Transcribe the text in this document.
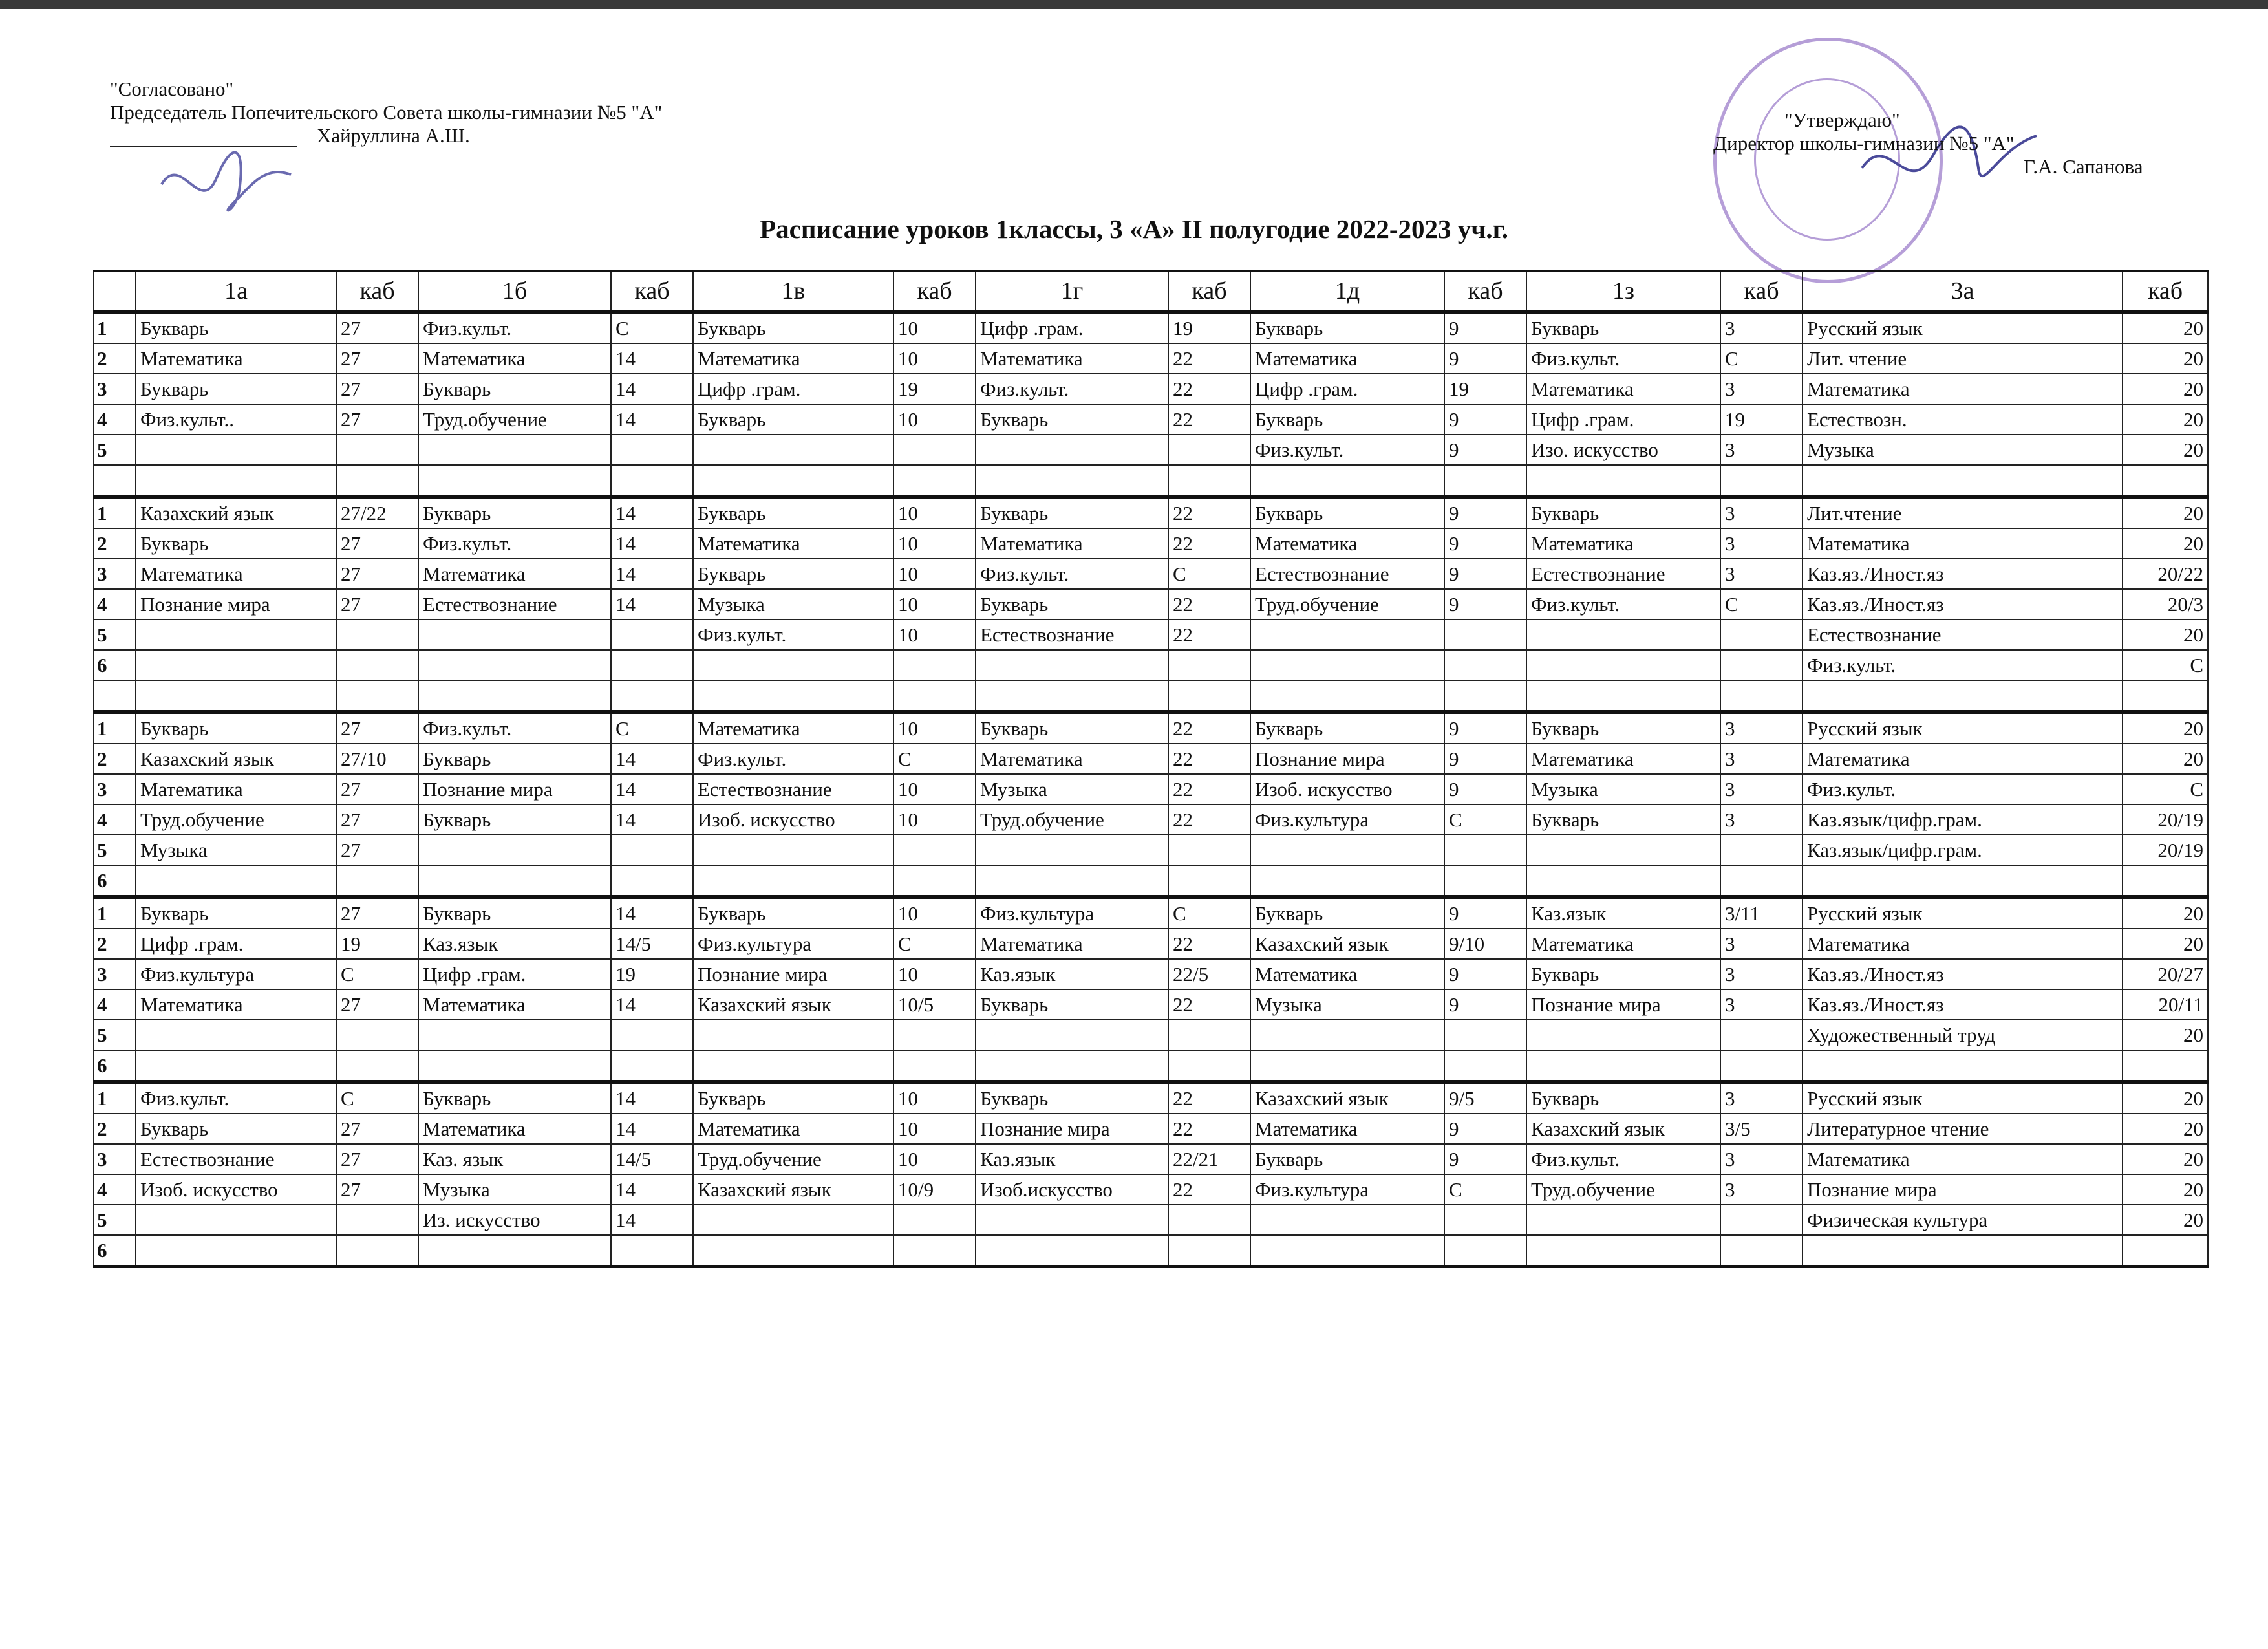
"Согласовано"
Председатель Попечительского Совета школы-гимназии №5 "А"
Хайруллина А.Ш.
"Утверждаю"
Директор школы-гимназии №5 "А"
Г.А. Сапанова
Расписание уроков 1классы, 3 «А» II полугодие 2022-2023 уч.г.
	1а	каб	1б	каб	1в	каб	1г	каб	1д	каб	1з	каб	3а	каб
1	Букварь	27	Физ.культ.	С	Букварь	10	Цифр .грам.	19	Букварь	9	Букварь	3	Русский язык	20
2	Математика	27	Математика	14	Математика	10	Математика	22	Математика	9	Физ.культ.	С	Лит. чтение	20
3	Букварь	27	Букварь	14	Цифр .грам.	19	Физ.культ.	22	Цифр .грам.	19	Математика	3	Математика	20
4	Физ.культ..	27	Труд.обучение	14	Букварь	10	Букварь	22	Букварь	9	Цифр .грам.	19	Естествозн.	20
5									Физ.культ.	9	Изо. искусство	3	Музыка	20

1	Казахский язык	27/22	Букварь	14	Букварь	10	Букварь	22	Букварь	9	Букварь	3	Лит.чтение	20
2	Букварь	27	Физ.культ.	14	Математика	10	Математика	22	Математика	9	Математика	3	Математика	20
3	Математика	27	Математика	14	Букварь	10	Физ.культ.	С	Естествознание	9	Естествознание	3	Каз.яз./Иност.яз	20/22
4	Познание мира	27	Естествознание	14	Музыка	10	Букварь	22	Труд.обучение	9	Физ.культ.	С	Каз.яз./Иност.яз	20/3
5					Физ.культ.	10	Естествознание	22					Естествознание	20
6													Физ.культ.	С

1	Букварь	27	Физ.культ.	С	Математика	10	Букварь	22	Букварь	9	Букварь	3	Русский язык	20
2	Казахский язык	27/10	Букварь	14	Физ.культ.	С	Математика	22	Познание мира	9	Математика	3	Математика	20
3	Математика	27	Познание мира	14	Естествознание	10	Музыка	22	Изоб. искусство	9	Музыка	3	Физ.культ.	С
4	Труд.обучение	27	Букварь	14	Изоб. искусство	10	Труд.обучение	22	Физ.культура	С	Букварь	3	Каз.язык/цифр.грам.	20/19
5	Музыка	27											Каз.язык/цифр.грам.	20/19
6														
1	Букварь	27	Букварь	14	Букварь	10	Физ.культура	С	Букварь	9	Каз.язык	3/11	Русский язык	20
2	Цифр .грам.	19	Каз.язык	14/5	Физ.культура	С	Математика	22	Казахский язык	9/10	Математика	3	Математика	20
3	Физ.культура	С	Цифр .грам.	19	Познание мира	10	Каз.язык	22/5	Математика	9	Букварь	3	Каз.яз./Иност.яз	20/27
4	Математика	27	Математика	14	Казахский язык	10/5	Букварь	22	Музыка	9	Познание мира	3	Каз.яз./Иност.яз	20/11
5													Художественный труд	20
6														
1	Физ.культ.	С	Букварь	14	Букварь	10	Букварь	22	Казахский язык	9/5	Букварь	3	Русский язык	20
2	Букварь	27	Математика	14	Математика	10	Познание мира	22	Математика	9	Казахский язык	3/5	Литературное чтение	20
3	Естествознание	27	Каз. язык	14/5	Труд.обучение	10	Каз.язык	22/21	Букварь	9	Физ.культ.	3	Математика	20
4	Изоб. искусство	27	Музыка	14	Казахский язык	10/9	Изоб.искусство	22	Физ.культура	С	Труд.обучение	3	Познание мира	20
5			Из. искусство	14									Физическая культура	20
6														
